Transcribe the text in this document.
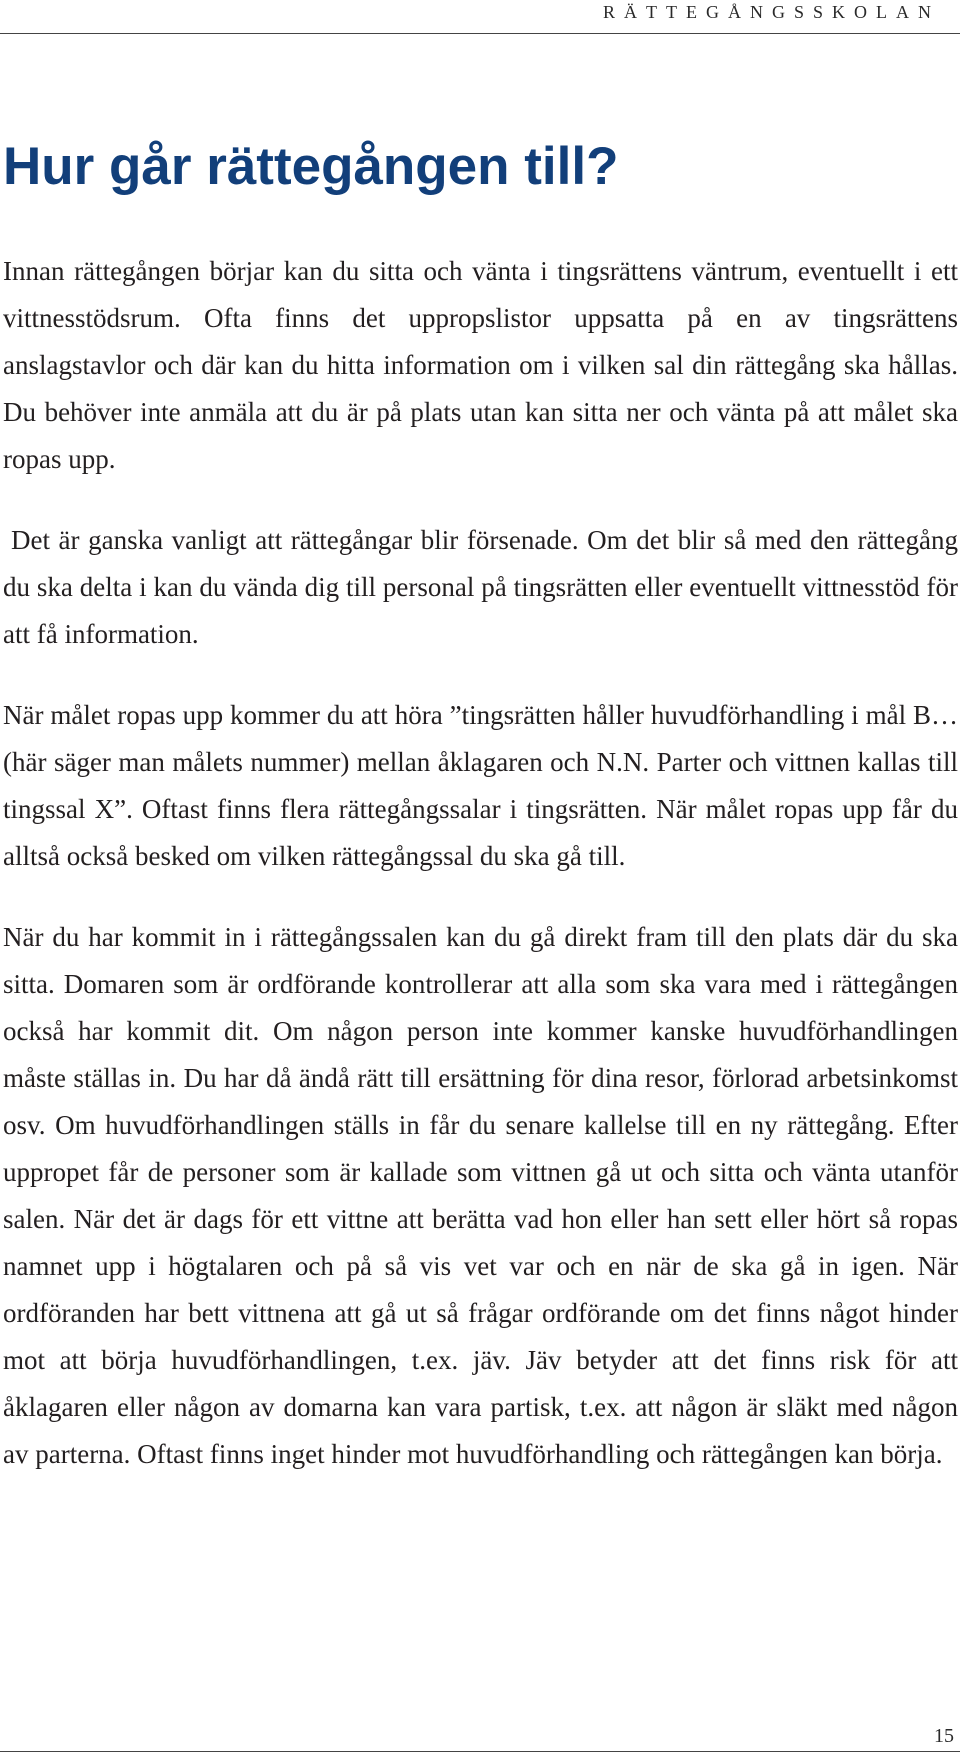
RÄTTEGÅNGSSKOLAN
Hur går rättegången till?

Innan rättegången börjar kan du sitta och vänta i tingsrättens väntrum, eventuellt i ett vittnesstödsrum. Ofta finns det uppropslistor uppsatta på en av tingsrättens anslagstavlor och där kan du hitta information om i vilken sal din rättegång ska hållas. Du behöver inte anmäla att du är på plats utan kan sitta ner och vänta på att målet ska ropas upp.

Det är ganska vanligt att rättegångar blir försenade. Om det blir så med den rättegång du ska delta i kan du vända dig till personal på tingsrätten eller eventuellt vittnesstöd för att få information.

När målet ropas upp kommer du att höra ”tingsrätten håller huvudförhandling i mål B… (här säger man målets nummer) mellan åklagaren och N.N. Parter och vittnen kallas till tingssal X”. Oftast finns flera rättegångssalar i tingsrätten. När målet ropas upp får du alltså också besked om vilken rättegångssal du ska gå till.

När du har kommit in i rättegångssalen kan du gå direkt fram till den plats där du ska sitta. Domaren som är ordförande kontrollerar att alla som ska vara med i rättegången också har kommit dit. Om någon person inte kommer kanske huvudförhandlingen måste ställas in. Du har då ändå rätt till ersättning för dina resor, förlorad arbetsinkomst osv. Om huvudförhandlingen ställs in får du senare kallelse till en ny rättegång. Efter uppropet får de personer som är kallade som vittnen gå ut och sitta och vänta utanför salen. När det är dags för ett vittne att berätta vad hon eller han sett eller hört så ropas namnet upp i högtalaren och på så vis vet var och en när de ska gå in igen. När ordföranden har bett vittnena att gå ut så frågar ordförande om det finns något hinder mot att börja huvudförhandlingen, t.ex. jäv. Jäv betyder att det finns risk för att åklagaren eller någon av domarna kan vara partisk, t.ex. att någon är släkt med någon av parterna. Oftast finns inget hinder mot huvudförhandling och rättegången kan börja.

15
